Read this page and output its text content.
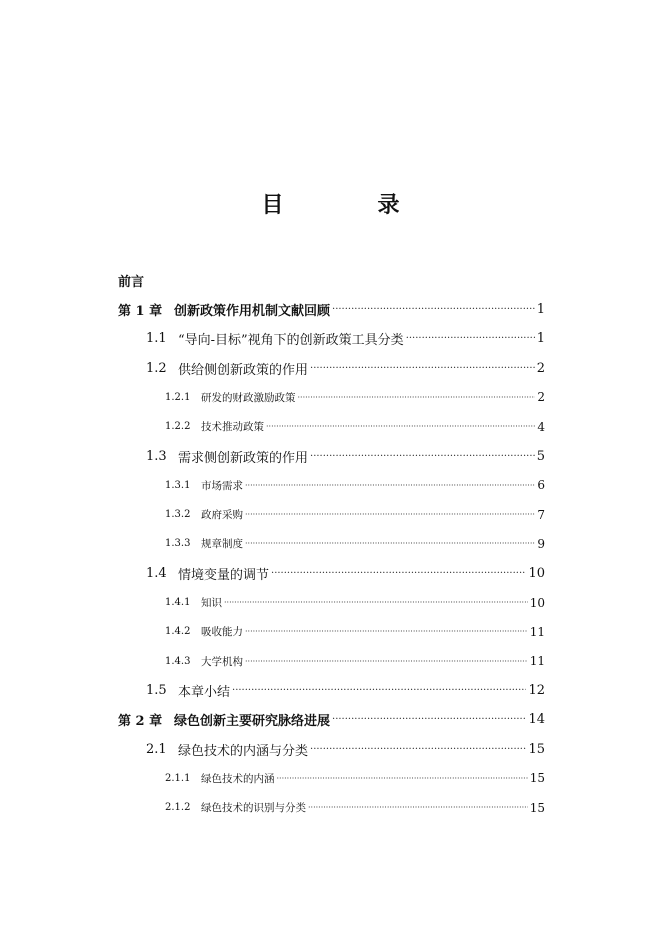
目　录
前言
第 1 章 创新政策作用机制文献回顾 ·····	1
1.1 “导向-目标”视角下的创新政策工具分类 ·····	1
1.2 供给侧创新政策的作用 ·····	2
1.2.1	研发的财政激励政策 ·····	2
1.2.2	技术推动政策 ·····	4
1.3 需求侧创新政策的作用 ·····	5
1.3.1	市场需求 ·····	6
1.3.2	政府采购 ·····	7
1.3.3	规章制度 ·····	9
1.4 情境变量的调节 ·····	10
1.4.1	知识 ·····	10
1.4.2	吸收能力 ·····	11
1.4.3	大学机构 ·····	11
1.5 本章小结 ·····	12
第 2 章 绿色创新主要研究脉络进展 ·····	14
2.1 绿色技术的内涵与分类 ·····	15
2.1.1	绿色技术的内涵 ·····	15
2.1.2	绿色技术的识别与分类 ·····	15
